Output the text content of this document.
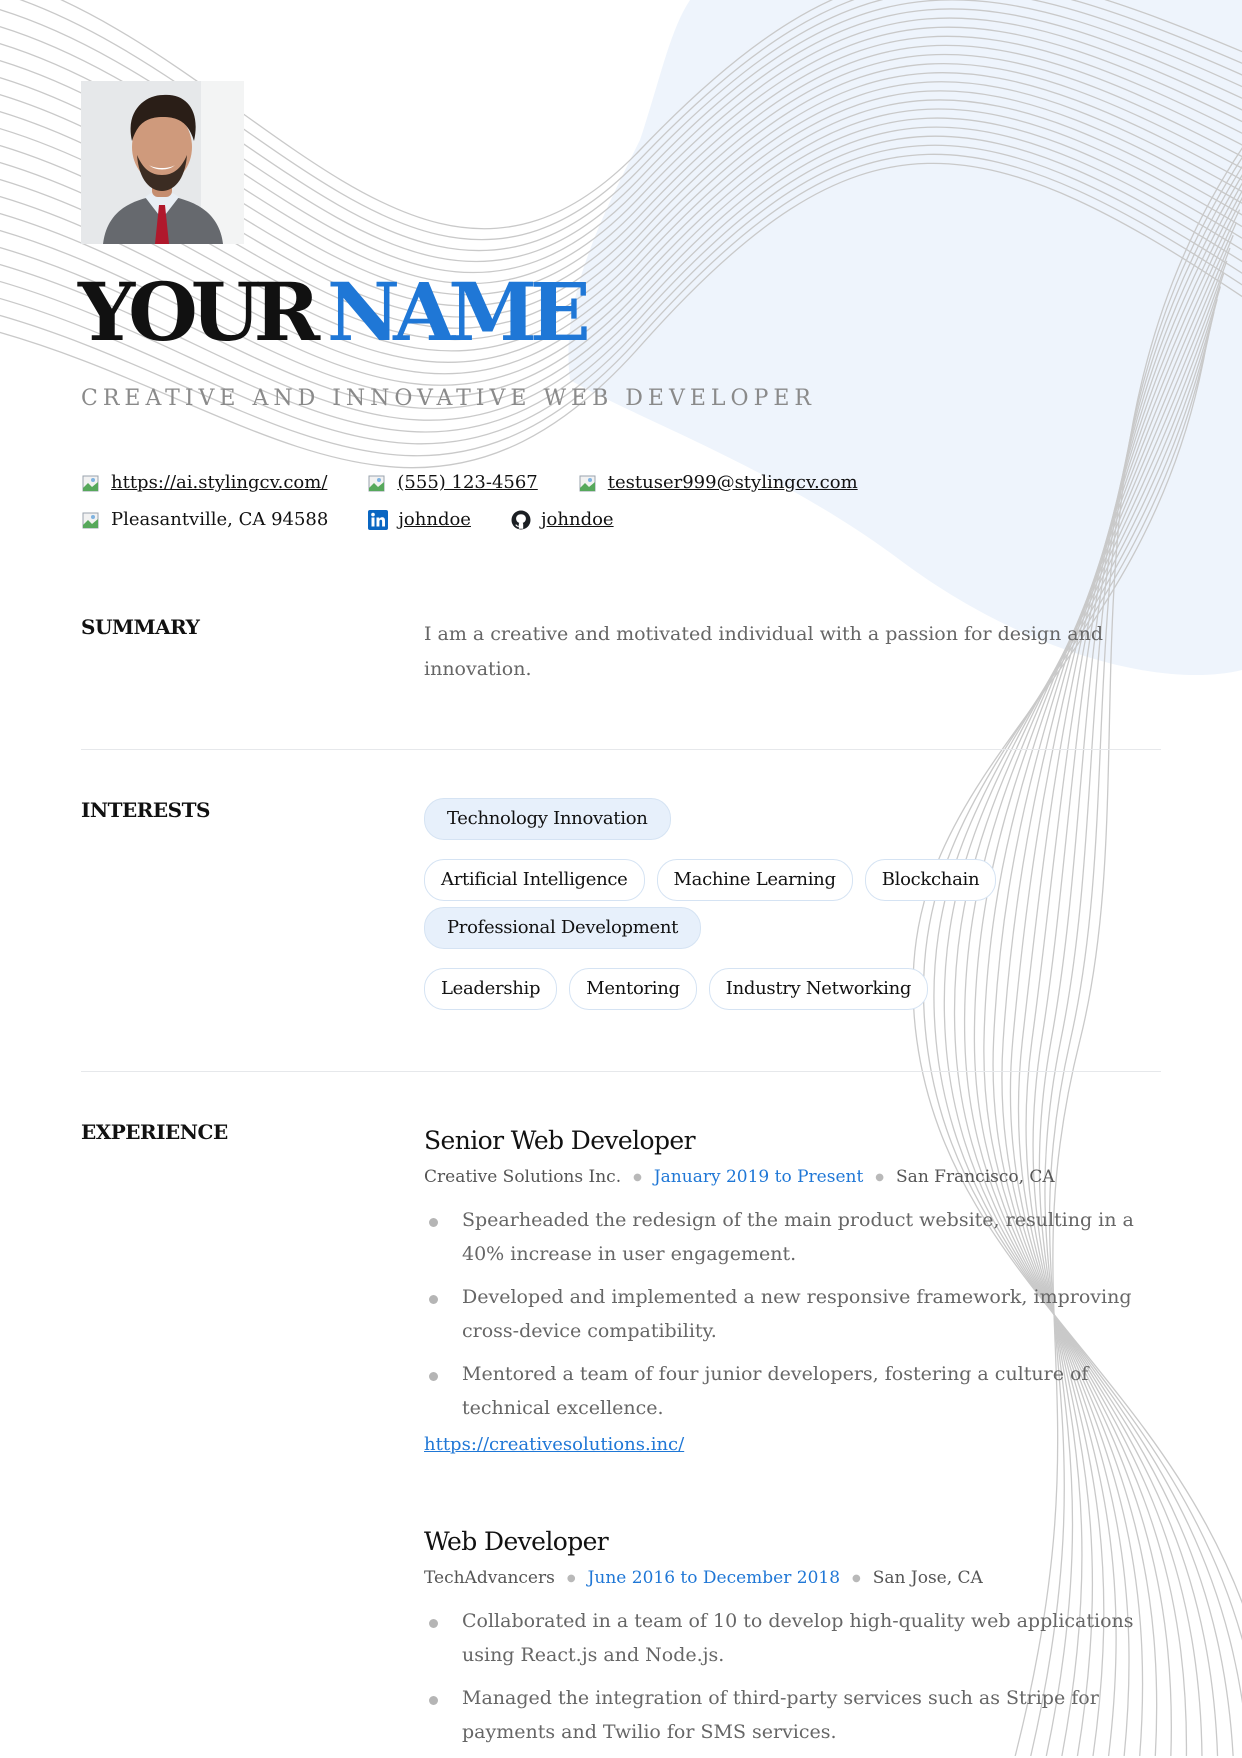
YOUR NAME
CREATIVE AND INNOVATIVE WEB DEVELOPER
https://ai.stylingcv.com/	(555) 123-4567	testuser999@stylingcv.com
Pleasantville, CA 94588	johndoe	johndoe
SUMMARY	I am a creative and motivated individual with a passion for design and innovation.
INTERESTS	Technology Innovation
Artificial Intelligence	Machine Learning	Blockchain
Professional Development
Leadership	Mentoring	Industry Networking
EXPERIENCE	Senior Web Developer
Creative Solutions Inc. ● January 2019 to Present ● San Francisco, CA
Spearheaded the redesign of the main product website, resulting in a 40% increase in user engagement.
Developed and implemented a new responsive framework, improving cross-device compatibility.
Mentored a team of four junior developers, fostering a culture of technical excellence.
https://creativesolutions.inc/
Web Developer
TechAdvancers ● June 2016 to December 2018 ● San Jose, CA
Collaborated in a team of 10 to develop high-quality web applications using React.js and Node.js.
Managed the integration of third-party services such as Stripe for payments and Twilio for SMS services.
